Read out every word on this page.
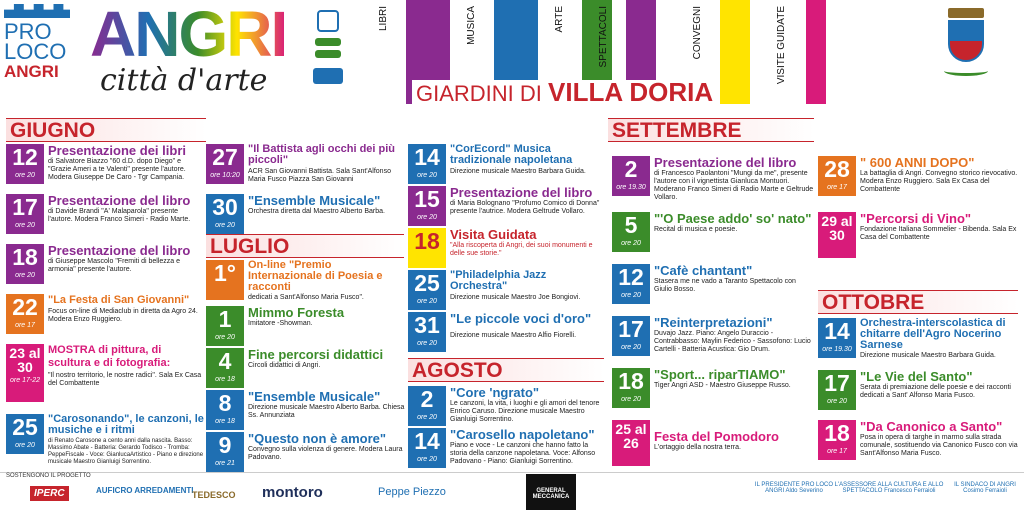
PRO
LOCO
ANGRI
ANGRI
città d'arte
LIBRI	MUSICA	ARTE	SPETTACOLI	CONVEGNI	VISITE GUIDATE
GIARDINI DI VILLA DORIA
GIUGNO
12
ore 20
Presentazione dei libri
di Salvatore Biazzo "60 d.D. dopo Diego" e "Grazie Ameri a te Valenti" presente l'autore. Modera Giuseppe De Caro - Tgr Campania.
17
ore 20
Presentazione del libro
di Davide Brandi "A' Malaparola" presente l'autore. Modera Franco Simeri - Radio Marte.
18
ore 20
Presentazione del libro
di Giuseppe Mascolo "Fremiti di bellezza e armonia" presente l'autore.
22
ore 17
"La Festa di San Giovanni"
Focus on-line di Mediaclub in diretta da Agro 24. Modera Enzo Ruggiero.
23 al 30
ore 17-22
MOSTRA di pittura, di scultura e di fotografia:
"Il nostro territorio, le nostre radici". Sala Ex Casa del Combattente
25
ore 20
"Carosonando", le canzoni, le musiche e i ritmi
di Renato Carosone a cento anni dalla nascita. Basso: Massimo Abate - Batteria: Gerardo Todisco - Tromba: PeppeFiscale - Voce: GianlucaArtistico - Piano e direzione musicale Maestro Gianluigi Sorrentino.
27
ore 10:20
"Il Battista agli occhi dei più piccoli"
ACR San Giovanni Battista. Sala Sant'Alfonso Maria Fusco Piazza San Giovanni
30
ore 20
"Ensemble Musicale"
Orchestra diretta dal Maestro Alberto Barba.
LUGLIO
1°	On-line "Premio Internazionale di Poesia e racconti
dedicati a Sant'Alfonso Maria Fusco".
1
ore 20
Mimmo Foresta
Imitatore -Showman.
4
ore 18
Fine percorsi didattici
Circoli didattici di Angri.
8
ore 18
"Ensemble Musicale"
Direzione musicale Maestro Alberto Barba. Chiesa Ss. Annunziata
9
ore 21
"Questo non è amore"
Convegno sulla violenza di genere. Modera Laura Padovano.
14
ore 20
"CorEcord" Musica tradizionale napoletana
Direzione musicale Maestro Barbara Guida.
15
ore 20
Presentazione del libro
di Maria Bolognano "Profumo Comico di Donna" presente l'autrice. Modera Geltrude Vollaro.
18 Visita Guidata
"Alla riscoperta di Angri, dei suoi monumenti e delle sue storie."
25
ore 20
"Philadelphia Jazz Orchestra"
Direzione musicale Maestro Joe Bongiovi.
31
ore 20
"Le piccole voci d'oro"
Direzione musicale Maestro Alfio Fiorelli.
AGOSTO
2
ore 20
"Core 'ngrato"
Le canzoni, la vita, i luoghi e gli amori del tenore Enrico Caruso. Direzione musicale Maestro Gianluigi Sorrentino.
14
ore 20
"Carosello napoletano"
Piano e voce - Le canzoni che hanno fatto la storia della canzone napoletana. Voce: Alfonso Padovano - Piano: Gianluigi Sorrentino.
SETTEMBRE
2
ore 19.30
Presentazione del libro
di Francesco Paolantoni "Mungi da me", presente l'autore con il vignettista Gianluca Montuori. Moderano Franco Simeri di Radio Marte e Geltrude Vollaro.
5
ore 20
"'O Paese addo' so' nato"
Recital di musica e poesie.
12
ore 20
"Cafè chantant"
Stasera me ne vado a Taranto Spettacolo con Giulio Bosso.
17
ore 20
"Reinterpretazioni"
Duvajo Jazz. Piano: Angelo Duraccio - Contrabbasso: Maylin Federico - Sassofono: Lucio Cartelli - Batteria Acustica: Gio Drum.
18
ore 20
"Sport... riparTIAMO"
Tiger Angri ASD - Maestro Giuseppe Russo.
25 al 26	Festa del Pomodoro
L'ortaggio della nostra terra.
28
ore 17
" 600 ANNI DOPO"
La battaglia di Angri. Convegno storico rievocativo. Modera Enzo Ruggiero. Sala Ex Casa del Combattente
29 al 30
"Percorsi di Vino"
Fondazione Italiana Sommelier - Bibenda. Sala Ex Casa del Combattente
OTTOBRE
14
ore 19.30
Orchestra-interscolastica di chitarre dell'Agro Nocerino Sarnese
Direzione musicale Maestro Barbara Guida.
17
ore 20
"Le Vie del Santo"
Serata di premiazione delle poesie e dei racconti dedicati a Sant' Alfonso Maria Fusco.
18
ore 17
"Da Canonico a Santo"
Posa in opera di targhe in marmo sulla strada comunale, sostituendo via Canonico Fusco con via Sant'Alfonso Maria Fusco.
SOSTENGONO IL PROGETTO
IPERC	AUFICRO ARREDAMENTI
TEDESCO montoro	Peppe Piezzo	GENERAL MECCANICA
IL PRESIDENTE PRO LOCO ANGRI Aldo Severino
L'ASSESSORE ALLA CULTURA E ALLO SPETTACOLO Francesco Ferraioli
IL SINDACO DI ANGRI Cosimo Ferraioli
